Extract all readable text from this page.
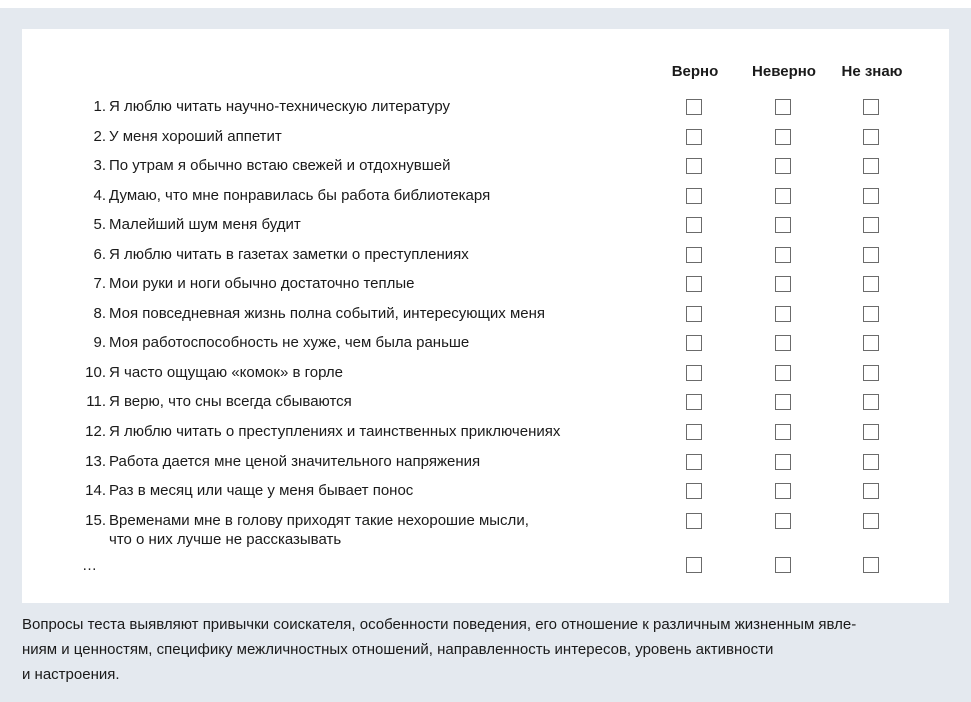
Верно	Неверно	Не знаю
1. Я люблю читать научно-техническую литературу
2. У меня хороший аппетит
3. По утрам я обычно встаю свежей и отдохнувшей
4. Думаю, что мне понравилась бы работа библиотекаря
5. Малейший шум меня будит
6. Я люблю читать в газетах заметки о преступлениях
7. Мои руки и ноги обычно достаточно теплые
8. Моя повседневная жизнь полна событий, интересующих меня
9. Моя работоспособность не хуже, чем была раньше
10. Я часто ощущаю «комок» в горле
11. Я верю, что сны всегда сбываются
12. Я люблю читать о преступлениях и таинственных приключениях
13. Работа дается мне ценой значительного напряжения
14. Раз в месяц или чаще у меня бывает понос
15. Временами мне в голову приходят такие нехорошие мысли,
что о них лучше не рассказывать
…
Вопросы теста выявляют привычки соискателя, особенности поведения, его отношение к различным жизненным явле-
ниям и ценностям, специфику межличностных отношений, направленность интересов, уровень активности
и настроения.
